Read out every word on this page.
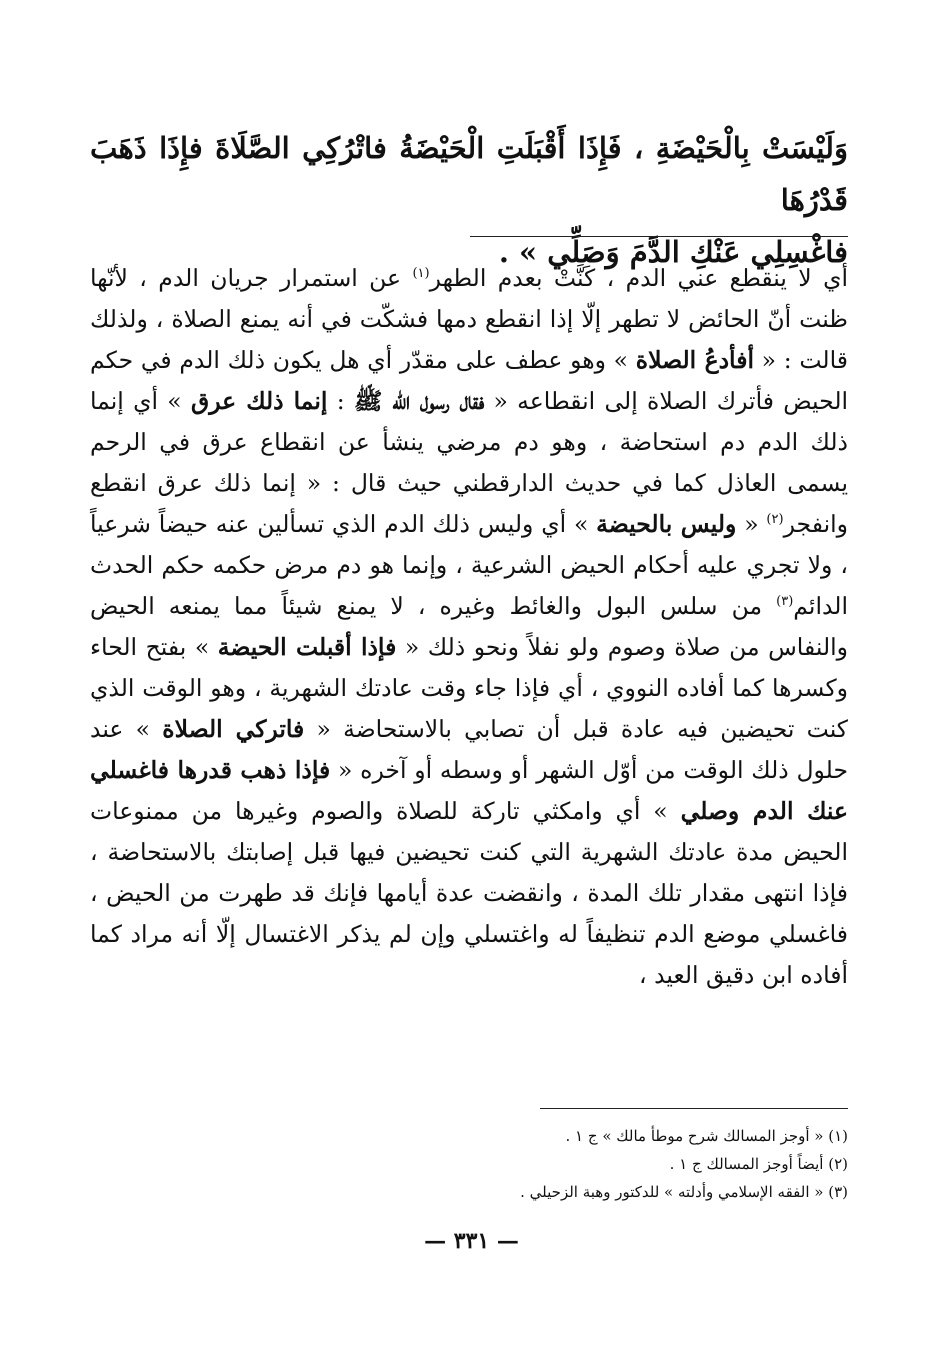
وَلَيْسَتْ بِالْحَيْضَةِ ، فَإِذَا أَقْبَلَتِ الْحَيْضَةُ فاتْرُكِي الصَّلَاةَ فإِذَا ذَهَبَ قَدْرُهَا

فاغْسِلِي عَنْكِ الدَّمَ وَصَلِّي » .

أي لا ينقطع عني الدم ، كَنَّتْ بعدم الطهر$^{(١)}$ عن استمرار جريان الدم ، لأنّها ظنت أنّ الحائض لا تطهر إلّا إذا انقطع دمها فشكّت في أنه يمنع الصلاة ، ولذلك قالت : « أفأدعُ الصلاة » وهو عطف على مقدّر أي هل يكون ذلك الدم في حكم الحيض فأترك الصلاة إلى انقطاعه « فقال رسول الله ﷺ : إنما ذلك عرق » أي إنما ذلك الدم دم استحاضة ، وهو دم مرضي ينشأ عن انقطاع عرق في الرحم يسمى العاذل كما في حديث الدارقطني حيث قال : « إنما ذلك عرق انقطع وانفجر$^{(٢)}$ « وليس بالحيضة » أي وليس ذلك الدم الذي تسألين عنه حيضاً شرعياً ، ولا تجري عليه أحكام الحيض الشرعية ، وإنما هو دم مرض حكمه حكم الحدث الدائم$^{(٣)}$ من سلس البول والغائط وغيره ، لا يمنع شيئاً مما يمنعه الحيض والنفاس من صلاة وصوم ولو نفلاً ونحو ذلك « فإذا أقبلت الحيضة » بفتح الحاء وكسرها كما أفاده النووي ، أي فإذا جاء وقت عادتك الشهرية ، وهو الوقت الذي كنت تحيضين فيه عادة قبل أن تصابي بالاستحاضة « فاتركي الصلاة » عند حلول ذلك الوقت من أوّل الشهر أو وسطه أو آخره « فإذا ذهب قدرها فاغسلي عنك الدم وصلي » أي وامكثي تاركة للصلاة والصوم وغيرها من ممنوعات الحيض مدة عادتك الشهرية التي كنت تحيضين فيها قبل إصابتك بالاستحاضة ، فإذا انتهى مقدار تلك المدة ، وانقضت عدة أيامها فإنك قد طهرت من الحيض ، فاغسلي موضع الدم تنظيفاً له واغتسلي وإن لم يذكر الاغتسال إلّا أنه مراد كما أفاده ابن دقيق العيد ،

(١) « أوجز المسالك شرح موطأ مالك » ج ١ .
(٢) أيضاً أوجز المسالك ج ١ .
(٣) « الفقه الإسلامي وأدلته » للدكتور وهبة الزحيلي .
— ٣٣١ —
